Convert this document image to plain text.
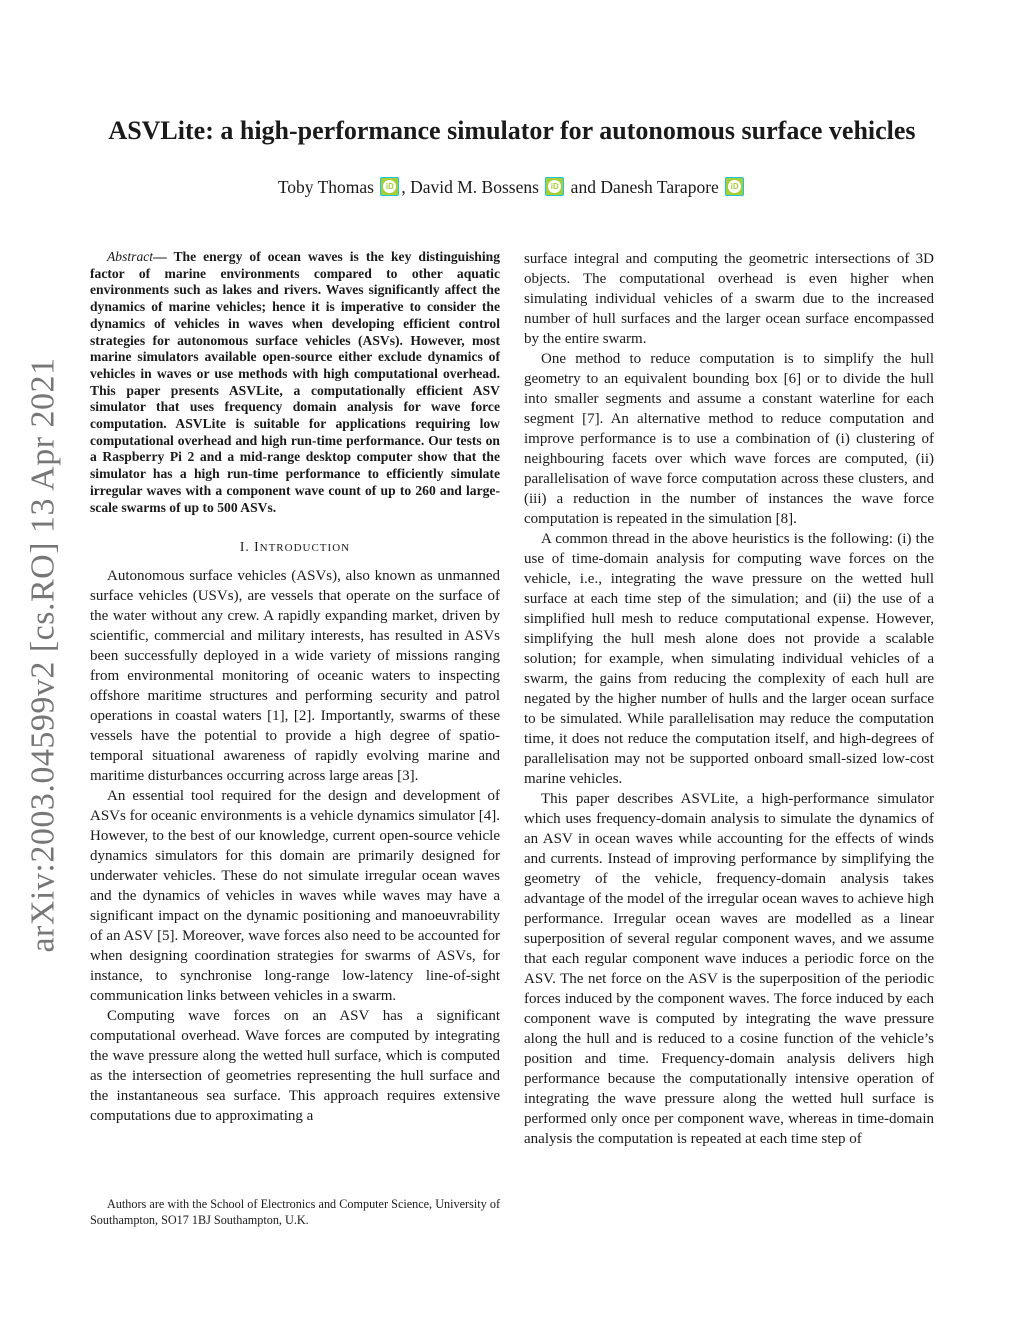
arXiv:2003.04599v2 [cs.RO] 13 Apr 2021
ASVLite: a high-performance simulator for autonomous surface vehicles
Toby Thomas iD , David M. Bossens iD and Danesh Tarapore iD

Abstract— The energy of ocean waves is the key distinguishing factor of marine environments compared to other aquatic environments such as lakes and rivers. Waves significantly affect the dynamics of marine vehicles; hence it is imperative to consider the dynamics of vehicles in waves when developing efficient control strategies for autonomous surface vehicles (ASVs). However, most marine simulators available open-source either exclude dynamics of vehicles in waves or use methods with high computational overhead. This paper presents ASVLite, a computationally efficient ASV simulator that uses frequency domain analysis for wave force computation. ASVLite is suitable for applications requiring low computational overhead and high run-time performance. Our tests on a Raspberry Pi 2 and a mid-range desktop computer show that the simulator has a high run-time performance to efficiently simulate irregular waves with a component wave count of up to 260 and large-scale swarms of up to 500 ASVs.

I. INTRODUCTION

Autonomous surface vehicles (ASVs), also known as unmanned surface vehicles (USVs), are vessels that operate on the surface of the water without any crew. A rapidly expanding market, driven by scientific, commercial and military interests, has resulted in ASVs been successfully deployed in a wide variety of missions ranging from environmental monitoring of oceanic waters to inspecting offshore maritime structures and performing security and patrol operations in coastal waters [1], [2]. Importantly, swarms of these vessels have the potential to provide a high degree of spatio-temporal situational awareness of rapidly evolving marine and maritime disturbances occurring across large areas [3].

An essential tool required for the design and development of ASVs for oceanic environments is a vehicle dynamics simulator [4]. However, to the best of our knowledge, current open-source vehicle dynamics simulators for this domain are primarily designed for underwater vehicles. These do not simulate irregular ocean waves and the dynamics of vehicles in waves while waves may have a significant impact on the dynamic positioning and manoeuvrability of an ASV [5]. Moreover, wave forces also need to be accounted for when designing coordination strategies for swarms of ASVs, for instance, to synchronise long-range low-latency line-of-sight communication links between vehicles in a swarm.

Computing wave forces on an ASV has a significant computational overhead. Wave forces are computed by integrating the wave pressure along the wetted hull surface, which is computed as the intersection of geometries representing the hull surface and the instantaneous sea surface. This approach requires extensive computations due to approximating a

Authors are with the School of Electronics and Computer Science, University of Southampton, SO17 1BJ Southampton, U.K.

surface integral and computing the geometric intersections of 3D objects. The computational overhead is even higher when simulating individual vehicles of a swarm due to the increased number of hull surfaces and the larger ocean surface encompassed by the entire swarm.

One method to reduce computation is to simplify the hull geometry to an equivalent bounding box [6] or to divide the hull into smaller segments and assume a constant waterline for each segment [7]. An alternative method to reduce computation and improve performance is to use a combination of (i) clustering of neighbouring facets over which wave forces are computed, (ii) parallelisation of wave force computation across these clusters, and (iii) a reduction in the number of instances the wave force computation is repeated in the simulation [8].

A common thread in the above heuristics is the following: (i) the use of time-domain analysis for computing wave forces on the vehicle, i.e., integrating the wave pressure on the wetted hull surface at each time step of the simulation; and (ii) the use of a simplified hull mesh to reduce computational expense. However, simplifying the hull mesh alone does not provide a scalable solution; for example, when simulating individual vehicles of a swarm, the gains from reducing the complexity of each hull are negated by the higher number of hulls and the larger ocean surface to be simulated. While parallelisation may reduce the computation time, it does not reduce the computation itself, and high-degrees of parallelisation may not be supported onboard small-sized low-cost marine vehicles.

This paper describes ASVLite, a high-performance simulator which uses frequency-domain analysis to simulate the dynamics of an ASV in ocean waves while accounting for the effects of winds and currents. Instead of improving performance by simplifying the geometry of the vehicle, frequency-domain analysis takes advantage of the model of the irregular ocean waves to achieve high performance. Irregular ocean waves are modelled as a linear superposition of several regular component waves, and we assume that each regular component wave induces a periodic force on the ASV. The net force on the ASV is the superposition of the periodic forces induced by the component waves. The force induced by each component wave is computed by integrating the wave pressure along the hull and is reduced to a cosine function of the vehicle’s position and time. Frequency-domain analysis delivers high performance because the computationally intensive operation of integrating the wave pressure along the wetted hull surface is performed only once per component wave, whereas in time-domain analysis the computation is repeated at each time step of
